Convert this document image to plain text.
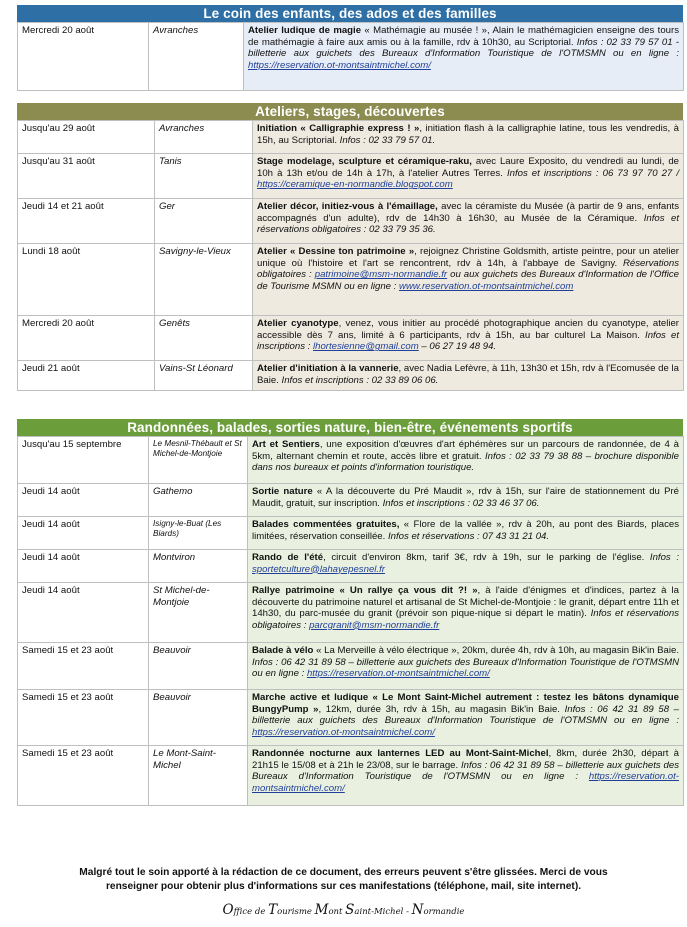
Le coin des enfants, des ados et des familles
Mercredi 20 août	Avranches	Atelier ludique de magie « Mathémagie au musée ! », Alain le mathémagicien enseigne des tours de mathémagie à faire aux amis ou à la famille, rdv à 10h30, au Scriptorial. Infos : 02 33 79 57 01 - billetterie aux guichets des Bureaux d'Information Touristique de l'OTMSMN ou en ligne : https://reservation.ot-montsaintmichel.com/
Ateliers, stages, découvertes
Jusqu'au 29 août	Avranches	Initiation « Calligraphie express ! », initiation flash à la calligraphie latine, tous les vendredis, à 15h, au Scriptorial. Infos : 02 33 79 57 01.
Jusqu'au 31 août	Tanis	Stage modelage, sculpture et céramique-raku, avec Laure Exposito, du vendredi au lundi, de 10h à 13h et/ou de 14h à 17h, à l'atelier Autres Terres. Infos et inscriptions : 06 73 97 70 27 / https://ceramique-en-normandie.blogspot.com
Jeudi 14 et 21 août	Ger	Atelier décor, initiez-vous à l'émaillage, avec la céramiste du Musée (à partir de 9 ans, enfants accompagnés d'un adulte), rdv de 14h30 à 16h30, au Musée de la Céramique. Infos et réservations obligatoires : 02 33 79 35 36.
Lundi 18 août	Savigny-le-Vieux	Atelier « Dessine ton patrimoine », rejoignez Christine Goldsmith, artiste peintre, pour un atelier unique où l'histoire et l'art se rencontrent, rdv à 14h, à l'abbaye de Savigny. Réservations obligatoires : patrimoine@msm-normandie.fr ou aux guichets des Bureaux d'Information de l'Office de Tourisme MSMN ou en ligne : www.reservation.ot-montsaintmichel.com
Mercredi 20 août	Genêts	Atelier cyanotype, venez, vous initier au procédé photographique ancien du cyanotype, atelier accessible dès 7 ans, limité à 6 participants, rdv à 15h, au bar culturel La Maison. Infos et inscriptions : lhortesienne@gmail.com – 06 27 19 48 94.
Jeudi 21 août	Vains-St Léonard	Atelier d'initiation à la vannerie, avec Nadia Lefèvre, à 11h, 13h30 et 15h, rdv à l'Ecomusée de la Baie. Infos et inscriptions : 02 33 89 06 06.
Randonnées, balades, sorties nature, bien-être, événements sportifs
Jusqu'au 15 septembre	Le Mesnil-Thébault et St Michel-de-Montjoie	Art et Sentiers, une exposition d'œuvres d'art éphémères sur un parcours de randonnée, de 4 à 5km, alternant chemin et route, accès libre et gratuit. Infos : 02 33 79 38 88 – brochure disponible dans nos bureaux et points d'information touristique.
Jeudi 14 août	Gathemo	Sortie nature « A la découverte du Pré Maudit », rdv à 15h, sur l'aire de stationnement du Pré Maudit, gratuit, sur inscription. Infos et inscriptions : 02 33 46 37 06.
Jeudi 14 août	Isigny-le-Buat (Les Biards)	Balades commentées gratuites, « Flore de la vallée », rdv à 20h, au pont des Biards, places limitées, réservation conseillée. Infos et réservations : 07 43 31 21 04.
Jeudi 14 août	Montviron	Rando de l'été, circuit d'environ 8km, tarif 3€, rdv à 19h, sur le parking de l'église. Infos : sportetculture@lahayepesnel.fr
Jeudi 14 août	St Michel-de-Montjoie	Rallye patrimoine « Un rallye ça vous dit ?! », à l'aide d'énigmes et d'indices, partez à la découverte du patrimoine naturel et artisanal de St Michel-de-Montjoie : le granit, départ entre 11h et 14h30, du parc-musée du granit (prévoir son pique-nique si départ le matin). Infos et réservations obligatoires : parcgranit@msm-normandie.fr
Samedi 15 et 23 août	Beauvoir	Balade à vélo « La Merveille à vélo électrique », 20km, durée 4h, rdv à 10h, au magasin Bik'in Baie. Infos : 06 42 31 89 58 – billetterie aux guichets des Bureaux d'Information Touristique de l'OTMSMN ou en ligne : https://reservation.ot-montsaintmichel.com/
Samedi 15 et 23 août	Beauvoir	Marche active et ludique « Le Mont Saint-Michel autrement : testez les bâtons dynamique BungyPump », 12km, durée 3h, rdv à 15h, au magasin Bik'in Baie. Infos : 06 42 31 89 58 – billetterie aux guichets des Bureaux d'Information Touristique de l'OTMSMN ou en ligne : https://reservation.ot-montsaintmichel.com/
Samedi 15 et 23 août	Le Mont-Saint-Michel	Randonnée nocturne aux lanternes LED au Mont-Saint-Michel, 8km, durée 2h30, départ à 21h15 le 15/08 et à 21h le 23/08, sur le barrage. Infos : 06 42 31 89 58 – billetterie aux guichets des Bureaux d'Information Touristique de l'OTMSMN ou en ligne : https://reservation.ot-montsaintmichel.com/
Malgré tout le soin apporté à la rédaction de ce document, des erreurs peuvent s'être glissées. Merci de vous
renseigner pour obtenir plus d'informations sur ces manifestations (téléphone, mail, site internet).
Office de Tourisme Mont Saint-Michel - Normandie
